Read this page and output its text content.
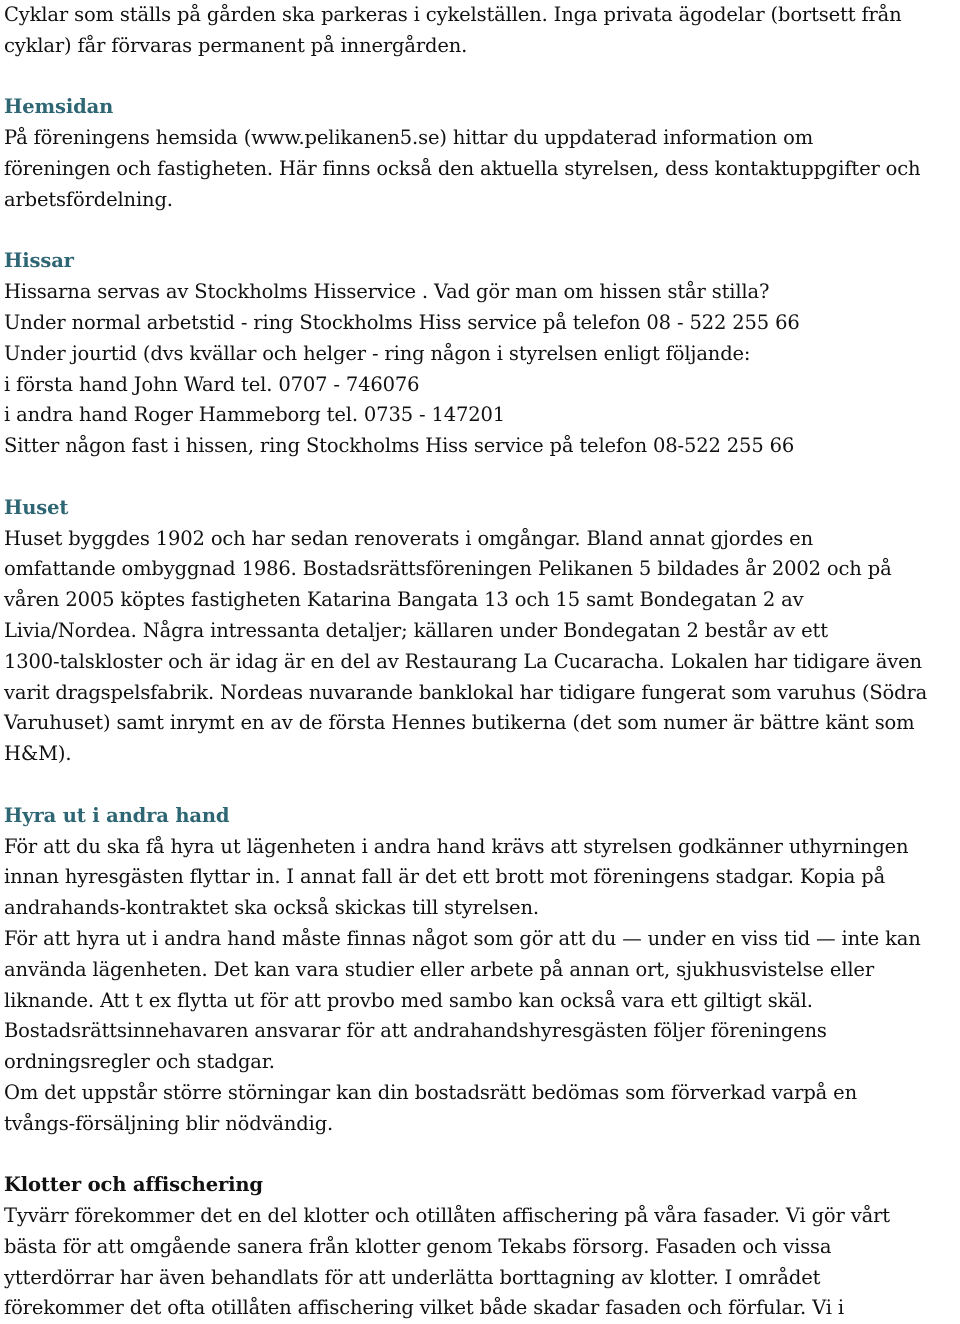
Cyklar som ställs på gården ska parkeras i cykelställen. Inga privata ägodelar (bortsett från
cyklar) får förvaras permanent på innergården.
Hemsidan
På föreningens hemsida (www.pelikanen5.se) hittar du uppdaterad information om
föreningen och fastigheten. Här finns också den aktuella styrelsen, dess kontaktuppgifter och
arbetsfördelning.
Hissar
Hissarna servas av Stockholms Hisservice . Vad gör man om hissen står stilla?
Under normal arbetstid - ring Stockholms Hiss service på telefon 08 - 522 255 66
Under jourtid (dvs kvällar och helger - ring någon i styrelsen enligt följande:
i första hand John Ward tel. 0707 - 746076
i andra hand Roger Hammeborg tel. 0735 - 147201
Sitter någon fast i hissen, ring Stockholms Hiss service på telefon 08-522 255 66
Huset
Huset byggdes 1902 och har sedan renoverats i omgångar. Bland annat gjordes en
omfattande ombyggnad 1986. Bostadsrättsföreningen Pelikanen 5 bildades år 2002 och på
våren 2005 köptes fastigheten Katarina Bangata 13 och 15 samt Bondegatan 2 av
Livia/Nordea. Några intressanta detaljer; källaren under Bondegatan 2 består av ett
1300-talskloster och är idag är en del av Restaurang La Cucaracha. Lokalen har tidigare även
varit dragspelsfabrik. Nordeas nuvarande banklokal har tidigare fungerat som varuhus (Södra
Varuhuset) samt inrymt en av de första Hennes butikerna (det som numer är bättre känt som
H&M).
Hyra ut i andra hand
För att du ska få hyra ut lägenheten i andra hand krävs att styrelsen godkänner uthyrningen
innan hyresgästen flyttar in. I annat fall är det ett brott mot föreningens stadgar. Kopia på
andrahands-kontraktet ska också skickas till styrelsen.
För att hyra ut i andra hand måste finnas något som gör att du — under en viss tid — inte kan
använda lägenheten. Det kan vara studier eller arbete på annan ort, sjukhusvistelse eller
liknande. Att t ex flytta ut för att provbo med sambo kan också vara ett giltigt skäl.
Bostadsrättsinnehavaren ansvarar för att andrahandshyresgästen följer föreningens
ordningsregler och stadgar.
Om det uppstår större störningar kan din bostadsrätt bedömas som förverkad varpå en
tvångs-försäljning blir nödvändig.
Klotter och affischering
Tyvärr förekommer det en del klotter och otillåten affischering på våra fasader. Vi gör vårt
bästa för att omgående sanera från klotter genom Tekabs försorg. Fasaden och vissa
ytterdörrar har även behandlats för att underlätta borttagning av klotter. I området
förekommer det ofta otillåten affischering vilket både skadar fasaden och förfular. Vi i
